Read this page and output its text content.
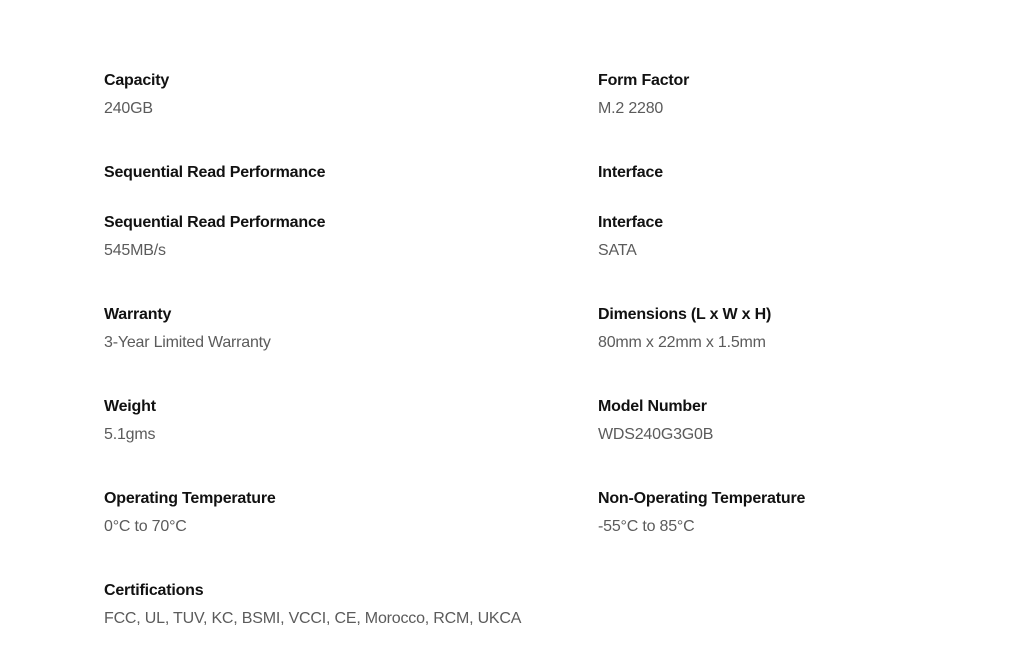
Capacity
240GB
Form Factor
M.2 2280
Sequential Read Performance	Interface
Sequential Read Performance
545MB/s
Interface
SATA
Warranty
3-Year Limited Warranty
Dimensions (L x W x H)
80mm x 22mm x 1.5mm
Weight
5.1gms
Model Number
WDS240G3G0B
Operating Temperature
0°C to 70°C
Non-Operating Temperature
-55°C to 85°C
Certifications
FCC, UL, TUV, KC, BSMI, VCCI, CE, Morocco, RCM, UKCA
